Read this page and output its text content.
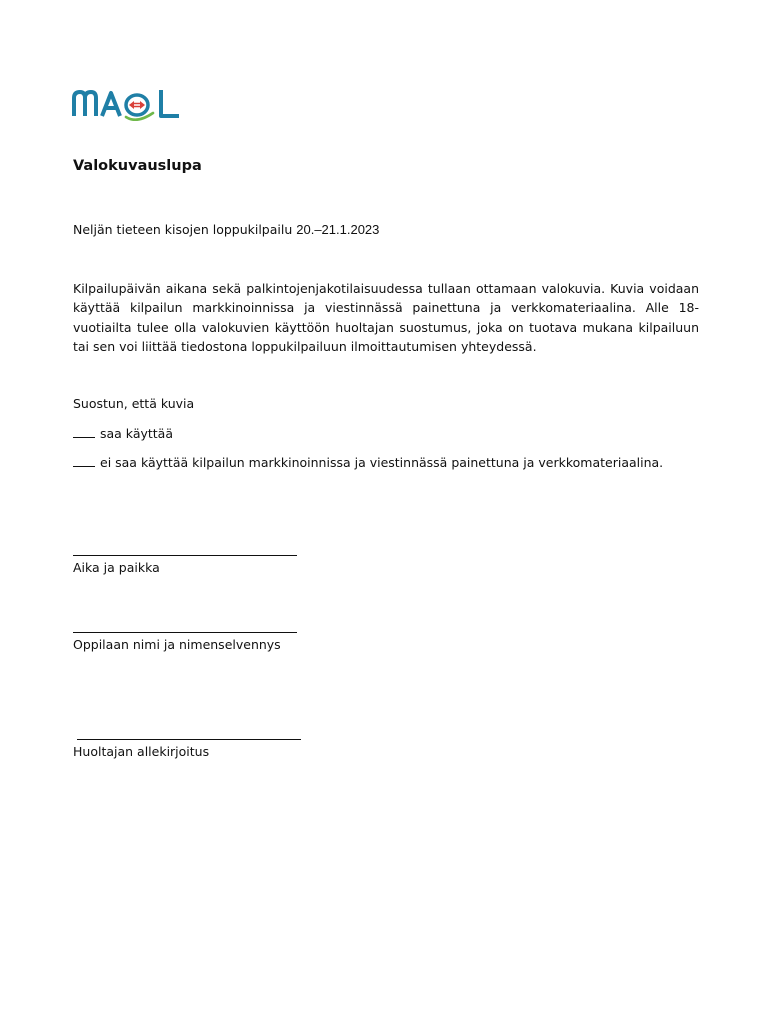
Valokuvauslupa

Neljän tieteen kisojen loppukilpailu 20.–21.1.2023

Kilpailupäivän aikana sekä palkintojenjakotilaisuudessa tullaan ottamaan valokuvia. Kuvia voidaan käyttää kilpailun markkinoinnissa ja viestinnässä painettuna ja verkkomateriaalina. Alle 18-vuotiailta tulee olla valokuvien käyttöön huoltajan suostumus, joka on tuotava mukana kilpailuun tai sen voi liittää tiedostona loppukilpailuun ilmoittautumisen yhteydessä.

Suostun, että kuvia

saa käyttää

ei saa käyttää kilpailun markkinoinnissa ja viestinnässä painettuna ja verkkomateriaalina.

Aika ja paikka

Oppilaan nimi ja nimenselvennys

Huoltajan allekirjoitus
